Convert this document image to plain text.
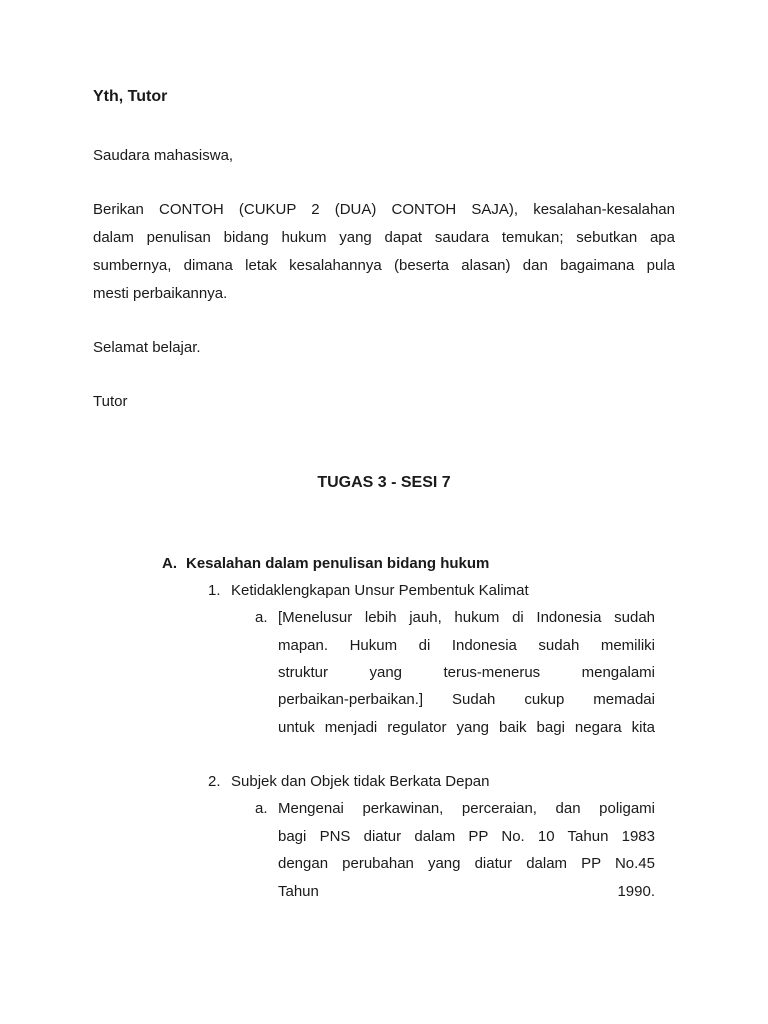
Yth, Tutor
Saudara mahasiswa,
Berikan CONTOH (CUKUP 2 (DUA) CONTOH SAJA), kesalahan-kesalahan
dalam penulisan bidang hukum yang dapat saudara temukan; sebutkan apa
sumbernya, dimana letak kesalahannya (beserta alasan) dan bagaimana pula
mesti perbaikannya.
Selamat belajar.
Tutor
TUGAS 3 - SESI 7
A. Kesalahan dalam penulisan bidang hukum
1. Ketidaklengkapan Unsur Pembentuk Kalimat
a. [Menelusur lebih jauh, hukum di Indonesia sudah
mapan. Hukum di Indonesia sudah memiliki
struktur yang terus-menerus mengalami
perbaikan-perbaikan.] Sudah cukup memadai
untuk menjadi regulator yang baik bagi negara kita
2. Subjek dan Objek tidak Berkata Depan
a. Mengenai perkawinan, perceraian, dan poligami
bagi PNS diatur dalam PP No. 10 Tahun 1983
dengan perubahan yang diatur dalam PP No.45
Tahun 1990.
